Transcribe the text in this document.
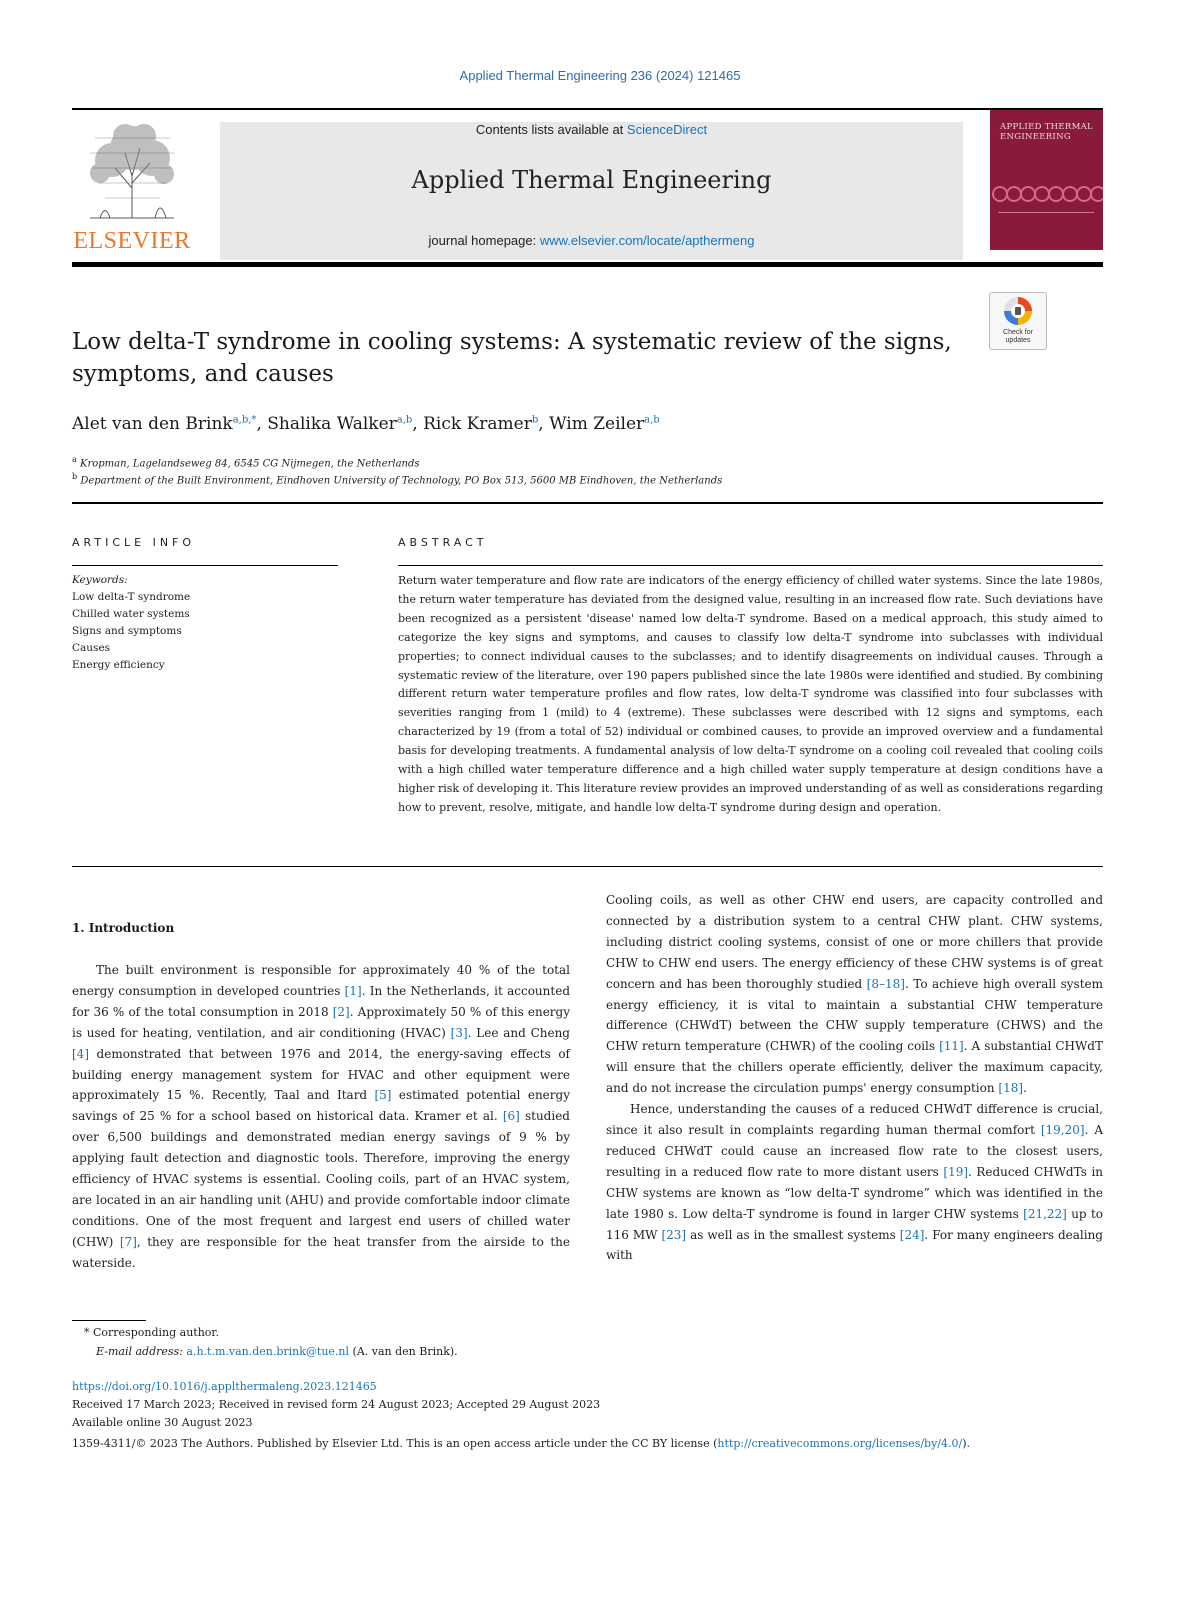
Applied Thermal Engineering 236 (2024) 121465
ELSEVIER
Contents lists available at ScienceDirect
Applied Thermal Engineering
journal homepage: www.elsevier.com/locate/apthermeng
APPLIED THERMAL ENGINEERING
Low delta-T syndrome in cooling systems: A systematic review of the signs, symptoms, and causes
Check for updates
Alet van den Brink$^{a,b,*}$, Shalika Walker$^{a,b}$, Rick Kramer$^b$, Wim Zeiler$^{a,b}$
$^a$ Kropman, Lagelandseweg 84, 6545 CG Nijmegen, the Netherlands
$^b$ Department of the Built Environment, Eindhoven University of Technology, PO Box 513, 5600 MB Eindhoven, the Netherlands
ARTICLE INFO	ABSTRACT
Keywords:
Low delta-T syndrome
Chilled water systems
Signs and symptoms
Causes
Energy efficiency
Return water temperature and flow rate are indicators of the energy efficiency of chilled water systems. Since the late 1980s, the return water temperature has deviated from the designed value, resulting in an increased flow rate. Such deviations have been recognized as a persistent 'disease' named low delta-T syndrome. Based on a medical approach, this study aimed to categorize the key signs and symptoms, and causes to classify low delta-T syndrome into subclasses with individual properties; to connect individual causes to the subclasses; and to identify disagreements on individual causes. Through a systematic review of the literature, over 190 papers published since the late 1980s were identified and studied. By combining different return water temperature profiles and flow rates, low delta-T syndrome was classified into four subclasses with severities ranging from 1 (mild) to 4 (extreme). These subclasses were described with 12 signs and symptoms, each characterized by 19 (from a total of 52) individual or combined causes, to provide an improved overview and a fundamental basis for developing treatments. A fundamental analysis of low delta-T syndrome on a cooling coil revealed that cooling coils with a high chilled water temperature difference and a high chilled water supply temperature at design conditions have a higher risk of developing it. This literature review provides an improved understanding of as well as considerations regarding how to prevent, resolve, mitigate, and handle low delta-T syndrome during design and operation.
1. Introduction
The built environment is responsible for approximately 40 % of the total energy consumption in developed countries [1]. In the Netherlands, it accounted for 36 % of the total consumption in 2018 [2]. Approximately 50 % of this energy is used for heating, ventilation, and air conditioning (HVAC) [3]. Lee and Cheng [4] demonstrated that between 1976 and 2014, the energy-saving effects of building energy management system for HVAC and other equipment were approximately 15 %. Recently, Taal and Itard [5] estimated potential energy savings of 25 % for a school based on historical data. Kramer et al. [6] studied over 6,500 buildings and demonstrated median energy savings of 9 % by applying fault detection and diagnostic tools. Therefore, improving the energy efficiency of HVAC systems is essential. Cooling coils, part of an HVAC system, are located in an air handling unit (AHU) and provide comfortable indoor climate conditions. One of the most frequent and largest end users of chilled water (CHW) [7], they are responsible for the heat transfer from the airside to the waterside.

Cooling coils, as well as other CHW end users, are capacity controlled and connected by a distribution system to a central CHW plant. CHW systems, including district cooling systems, consist of one or more chillers that provide CHW to CHW end users. The energy efficiency of these CHW systems is of great concern and has been thoroughly studied [8–18]. To achieve high overall system energy efficiency, it is vital to maintain a substantial CHW temperature difference (CHWdT) between the CHW supply temperature (CHWS) and the CHW return temperature (CHWR) of the cooling coils [11]. A substantial CHWdT will ensure that the chillers operate efficiently, deliver the maximum capacity, and do not increase the circulation pumps' energy consumption [18].

Hence, understanding the causes of a reduced CHWdT difference is crucial, since it also result in complaints regarding human thermal comfort [19,20]. A reduced CHWdT could cause an increased flow rate to the closest users, resulting in a reduced flow rate to more distant users [19]. Reduced CHWdTs in CHW systems are known as “low delta-T syndrome” which was identified in the late 1980 s. Low delta-T syndrome is found in larger CHW systems [21,22] up to 116 MW [23] as well as in the smallest systems [24]. For many engineers dealing with

* Corresponding author.
E-mail address: a.h.t.m.van.den.brink@tue.nl (A. van den Brink).
https://doi.org/10.1016/j.applthermaleng.2023.121465
Received 17 March 2023; Received in revised form 24 August 2023; Accepted 29 August 2023
Available online 30 August 2023
1359-4311/© 2023 The Authors. Published by Elsevier Ltd. This is an open access article under the CC BY license (http://creativecommons.org/licenses/by/4.0/).
